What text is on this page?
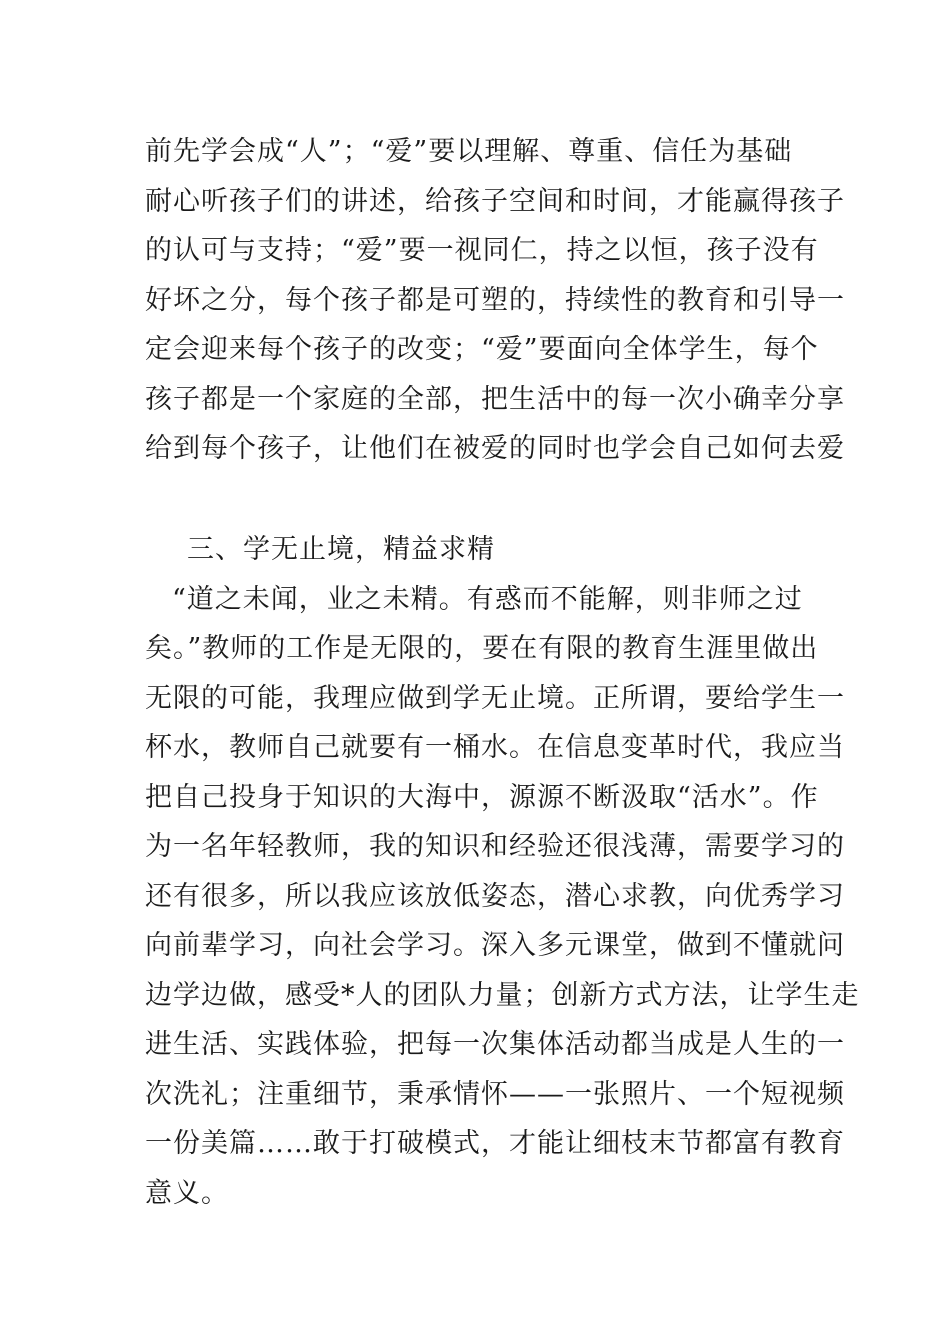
前先学会成“人”；“爱”要以理解、尊重、信任为基础
耐心听孩子们的讲述，给孩子空间和时间，才能赢得孩子
的认可与支持；“爱”要一视同仁，持之以恒，孩子没有
好坏之分，每个孩子都是可塑的，持续性的教育和引导一
定会迎来每个孩子的改变；“爱”要面向全体学生，每个
孩子都是一个家庭的全部，把生活中的每一次小确幸分享
给到每个孩子，让他们在被爱的同时也学会自己如何去爱
三、学无止境，精益求精
“道之未闻，业之未精。有惑而不能解，则非师之过
矣。”教师的工作是无限的，要在有限的教育生涯里做出
无限的可能，我理应做到学无止境。正所谓，要给学生一
杯水，教师自己就要有一桶水。在信息变革时代，我应当
把自己投身于知识的大海中，源源不断汲取“活水”。作
为一名年轻教师，我的知识和经验还很浅薄，需要学习的
还有很多，所以我应该放低姿态，潜心求教，向优秀学习
向前辈学习，向社会学习。深入多元课堂，做到不懂就问
边学边做，感受*人的团队力量；创新方式方法，让学生走
进生活、实践体验，把每一次集体活动都当成是人生的一
次洗礼；注重细节，秉承情怀——一张照片、一个短视频
一份美篇……敢于打破模式，才能让细枝末节都富有教育
意义。
